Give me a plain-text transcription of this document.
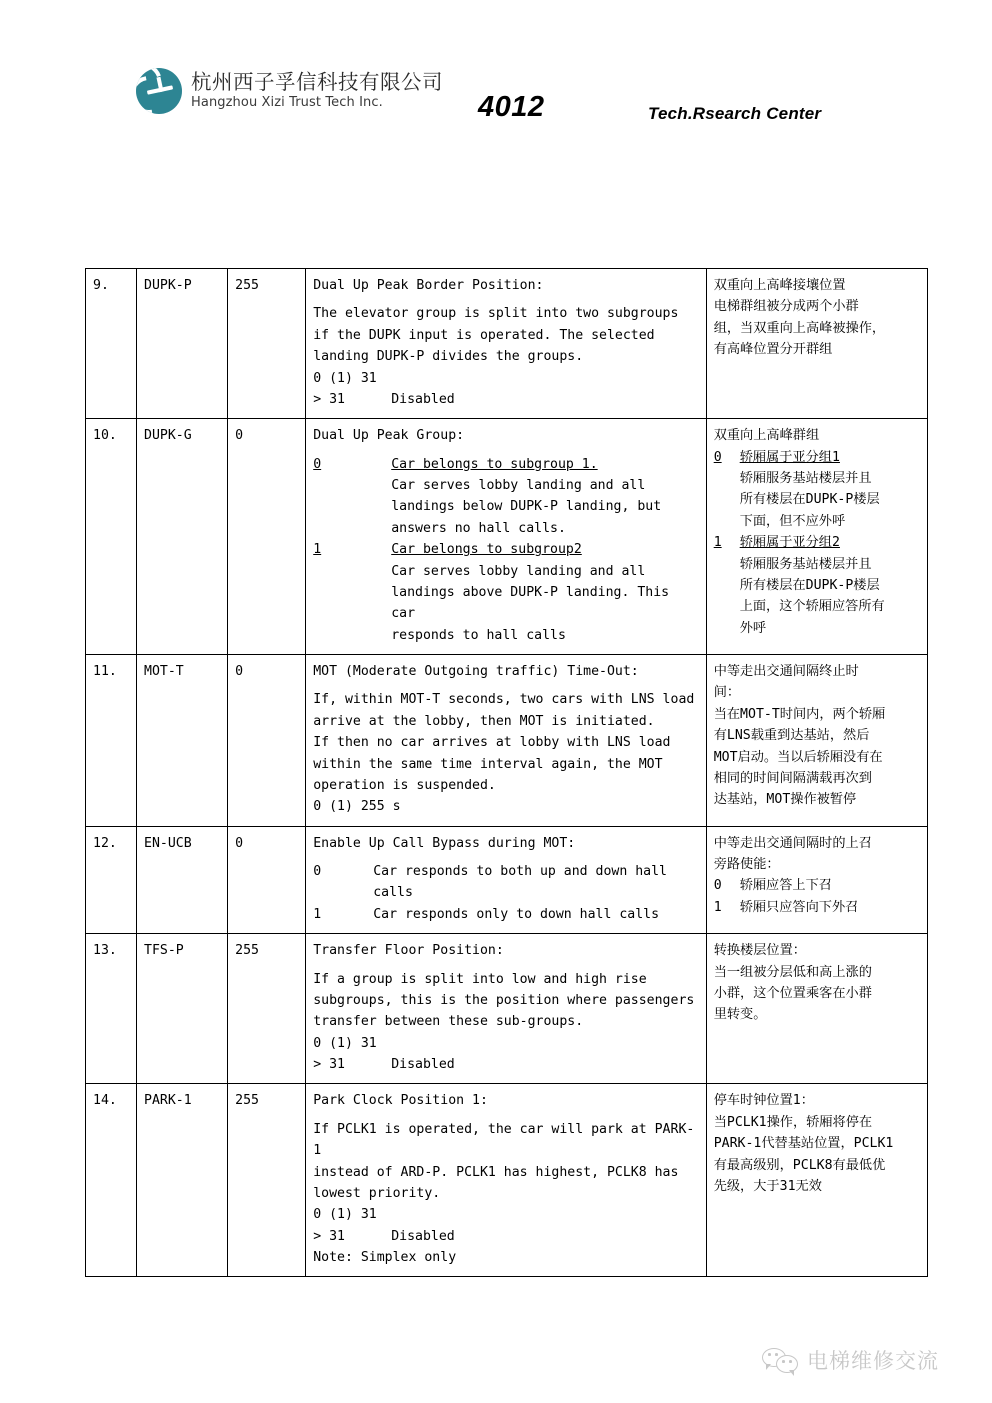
杭州西子孚信科技有限公司
Hangzhou Xizi Trust Tech Inc.	4012	Tech.Rsearch Center
9.	DUPK-P	255	Dual Up Peak Border Position:
The elevator group is split into two subgroups
if the DUPK input is operated. The selected
landing DUPK-P divides the groups.
0 (1) 31
> 31	Disabled

双重向上高峰接壤位置
电梯群组被分成两个小群
组，当双重向上高峰被操作，
有高峰位置分开群组

10.	DUPK-G	0	Dual Up Peak Group:
0	Car belongs to subgroup 1.
Car serves lobby landing and all
landings below DUPK-P landing, but
answers no hall calls.
1	Car belongs to subgroup2
Car serves lobby landing and all
landings above DUPK-P landing. This car
responds to hall calls

双重向上高峰群组
0	轿厢属于亚分组1
轿厢服务基站楼层并且
所有楼层在DUPK-P楼层
下面，但不应外呼
1	轿厢属于亚分组2
轿厢服务基站楼层并且
所有楼层在DUPK-P楼层
上面，这个轿厢应答所有
外呼

11.	MOT-T	0	MOT (Moderate Outgoing traffic) Time-Out:
If, within MOT-T seconds, two cars with LNS load
arrive at the lobby, then MOT is initiated.
If then no car arrives at lobby with LNS load
within the same time interval again, the MOT
operation is suspended.
0 (1) 255 s

中等走出交通间隔终止时
间：
当在MOT-T时间内，两个轿厢
有LNS载重到达基站，然后
MOT启动。当以后轿厢没有在
相同的时间间隔满载再次到
达基站，MOT操作被暂停

12.	EN-UCB	0	Enable Up Call Bypass during MOT:
0	Car responds to both up and down hall calls
1	Car responds only to down hall calls

中等走出交通间隔时的上召
旁路使能：
0	轿厢应答上下召
1	轿厢只应答向下外召

13.	TFS-P	255	Transfer Floor Position:
If a group is split into low and high rise
subgroups, this is the position where passengers
transfer between these sub-groups.
0 (1) 31
> 31	Disabled

转换楼层位置：
当一组被分层低和高上涨的
小群，这个位置乘客在小群
里转变。

14.	PARK-1	255	Park Clock Position 1:
If PCLK1 is operated, the car will park at PARK-1
instead of ARD-P. PCLK1 has highest, PCLK8 has
lowest priority.
0 (1) 31
> 31	Disabled
Note: Simplex only

停车时钟位置1：
当PCLK1操作，轿厢将停在
PARK-1代替基站位置，PCLK1
有最高级别，PCLK8有最低优
先级，大于31无效
电梯维修交流
